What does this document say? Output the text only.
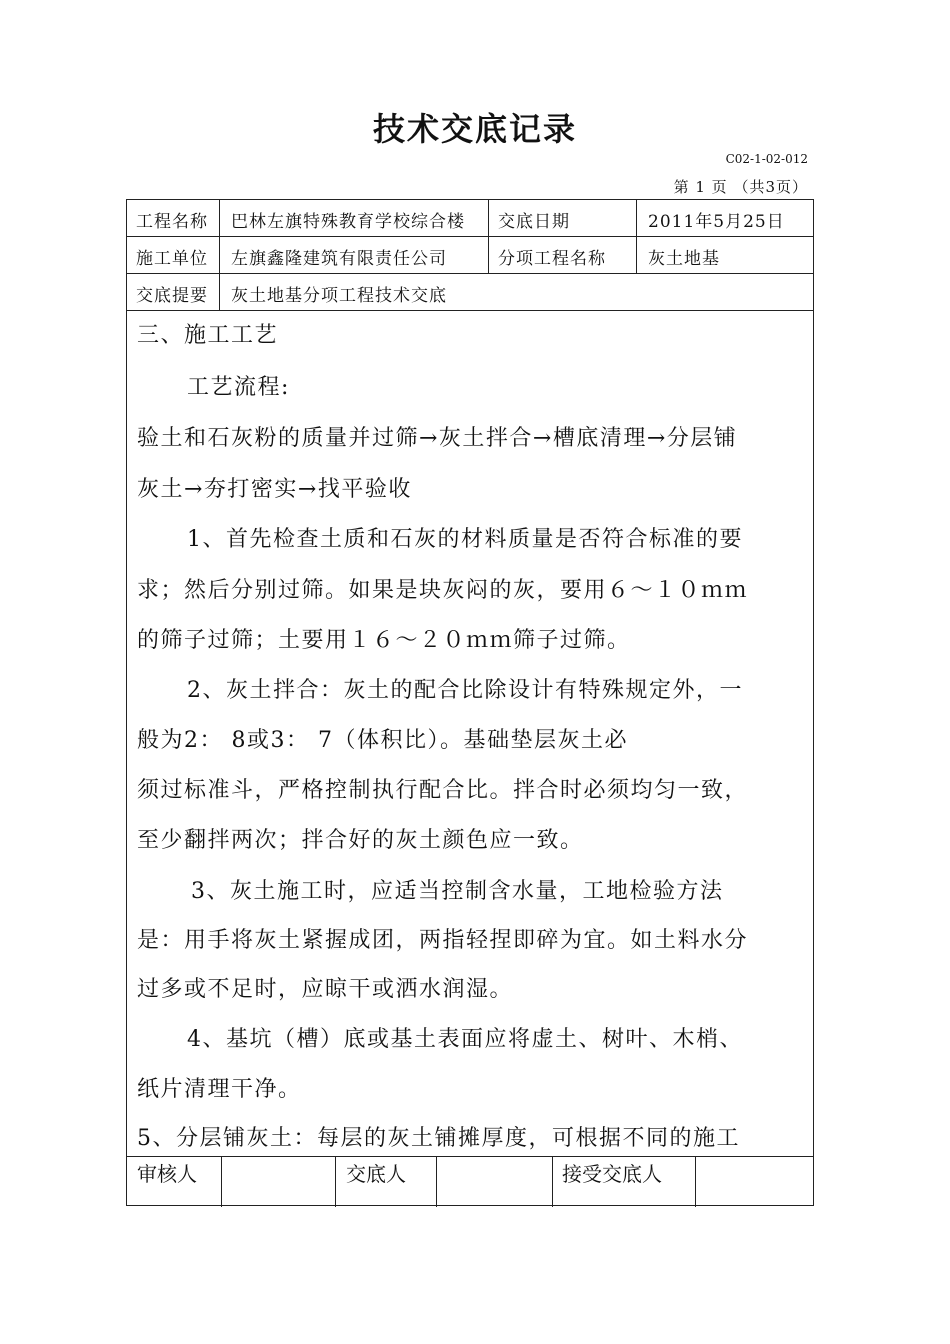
技术交底记录
C02-1-02-012
第 1 页 （共3页）
工程名称 巴林左旗特殊教育学校综合楼 交底日期	2011年5月25日
施工单位 左旗鑫隆建筑有限责任公司	分项工程名称 灰土地基
交底提要 灰土地基分项工程技术交底
三、施工工艺
工艺流程:
验土和石灰粉的质量并过筛→灰土拌合→槽底清理→分层铺
灰土→夯打密实→找平验收
1、首先检查土质和石灰的材料质量是否符合标准的要
求；然后分别过筛。如果是块灰闷的灰，要用６～１０ｍｍ
的筛子过筛；土要用１６～２０ｍｍ筛子过筛。
2、灰土拌合：灰土的配合比除设计有特殊规定外，一
般为2： 8或3： 7（体积比）。基础垫层灰土必
须过标准斗，严格控制执行配合比。拌合时必须均匀一致，
至少翻拌两次；拌合好的灰土颜色应一致。
3、灰土施工时，应适当控制含水量，工地检验方法
是：用手将灰土紧握成团，两指轻捏即碎为宜。如土料水分
过多或不足时，应晾干或洒水润湿。
4、基坑（槽）底或基土表面应将虚土、树叶、木梢、
纸片清理干净。
5、分层铺灰土：每层的灰土铺摊厚度，可根据不同的施工
审核人	交底人	接受交底人
